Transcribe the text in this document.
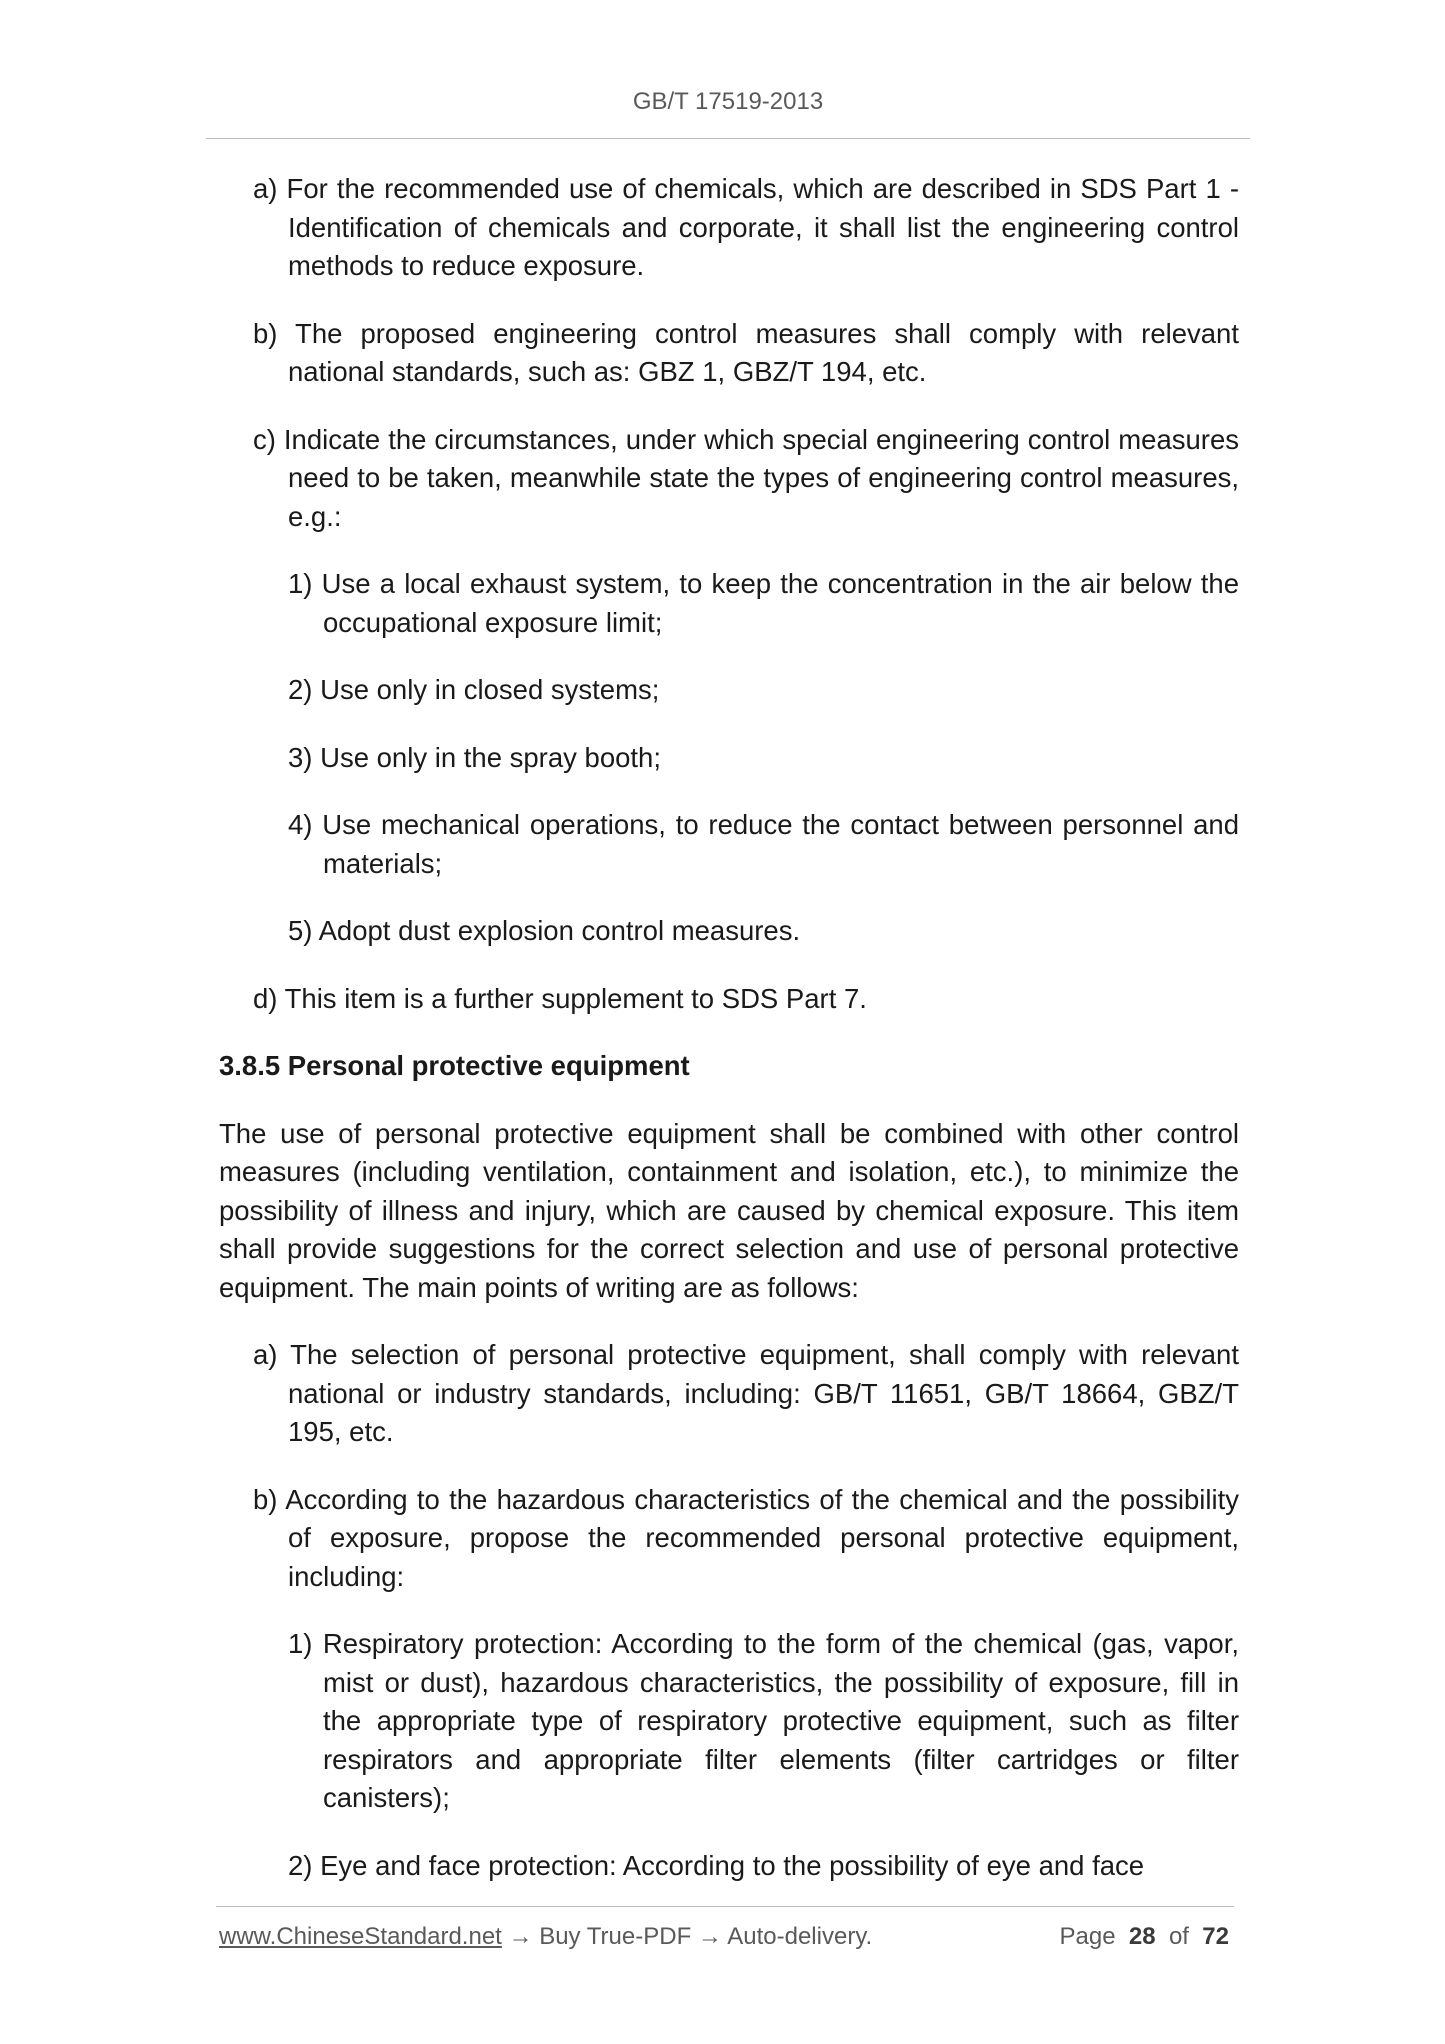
GB/T 17519-2013

a) For the recommended use of chemicals, which are described in SDS Part 1 - Identification of chemicals and corporate, it shall list the engineering control methods to reduce exposure.

b) The proposed engineering control measures shall comply with relevant national standards, such as: GBZ 1, GBZ/T 194, etc.

c) Indicate the circumstances, under which special engineering control measures need to be taken, meanwhile state the types of engineering control measures, e.g.:

1) Use a local exhaust system, to keep the concentration in the air below the occupational exposure limit;

2) Use only in closed systems;

3) Use only in the spray booth;

4) Use mechanical operations, to reduce the contact between personnel and materials;

5) Adopt dust explosion control measures.

d) This item is a further supplement to SDS Part 7.

3.8.5 Personal protective equipment

The use of personal protective equipment shall be combined with other control measures (including ventilation, containment and isolation, etc.), to minimize the possibility of illness and injury, which are caused by chemical exposure. This item shall provide suggestions for the correct selection and use of personal protective equipment. The main points of writing are as follows:

a) The selection of personal protective equipment, shall comply with relevant national or industry standards, including: GB/T 11651, GB/T 18664, GBZ/T 195, etc.

b) According to the hazardous characteristics of the chemical and the possibility of exposure, propose the recommended personal protective equipment, including:

1) Respiratory protection: According to the form of the chemical (gas, vapor, mist or dust), hazardous characteristics, the possibility of exposure, fill in the appropriate type of respiratory protective equipment, such as filter respirators and appropriate filter elements (filter cartridges or filter canisters);

2) Eye and face protection: According to the possibility of eye and face

www.ChineseStandard.net → Buy True-PDF → Auto-delivery.	Page 28 of 72
